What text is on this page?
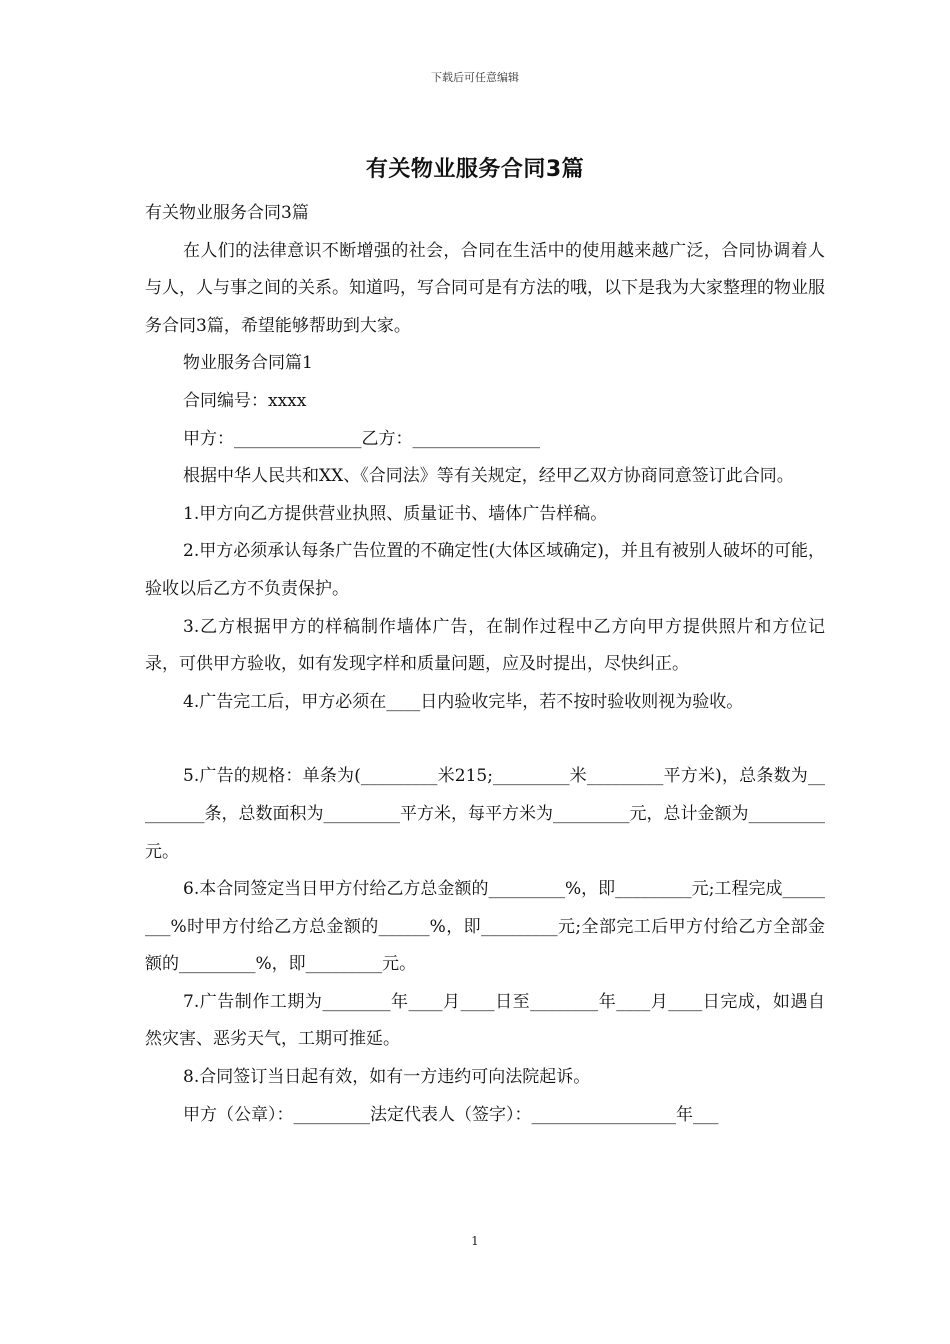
下载后可任意编辑
有关物业服务合同3篇

有关物业服务合同3篇

在人们的法律意识不断增强的社会，合同在生活中的使用越来越广泛，合同协调着人与人，人与事之间的关系。知道吗，写合同可是有方法的哦，以下是我为大家整理的物业服务合同3篇，希望能够帮助到大家。

物业服务合同篇1

合同编号：xxxx

甲方：_______________乙方：_______________

根据中华人民共和XX、《合同法》等有关规定，经甲乙双方协商同意签订此合同。

1.甲方向乙方提供营业执照、质量证书、墙体广告样稿。

2.甲方必须承认每条广告位置的不确定性(大体区域确定)，并且有被别人破坏的可能，验收以后乙方不负责保护。

3.乙方根据甲方的样稿制作墙体广告，在制作过程中乙方向甲方提供照片和方位记录，可供甲方验收，如有发现字样和质量问题，应及时提出，尽快纠正。

4.广告完工后，甲方必须在____日内验收完毕，若不按时验收则视为验收。

5.广告的规格：单条为(_________米215;_________米_________平方米)，总条数为_________条，总数面积为_________平方米，每平方米为_________元，总计金额为_________元。

6.本合同签定当日甲方付给乙方总金额的_________%，即_________元;工程完成________%时甲方付给乙方总金额的______%，即_________元;全部完工后甲方付给乙方全部金额的_________%，即_________元。

7.广告制作工期为________年____月____日至________年____月____日完成，如遇自然灾害、恶劣天气，工期可推延。

8.合同签订当日起有效，如有一方违约可向法院起诉。

甲方（公章）：_________法定代表人（签字）：_________________年___

1
